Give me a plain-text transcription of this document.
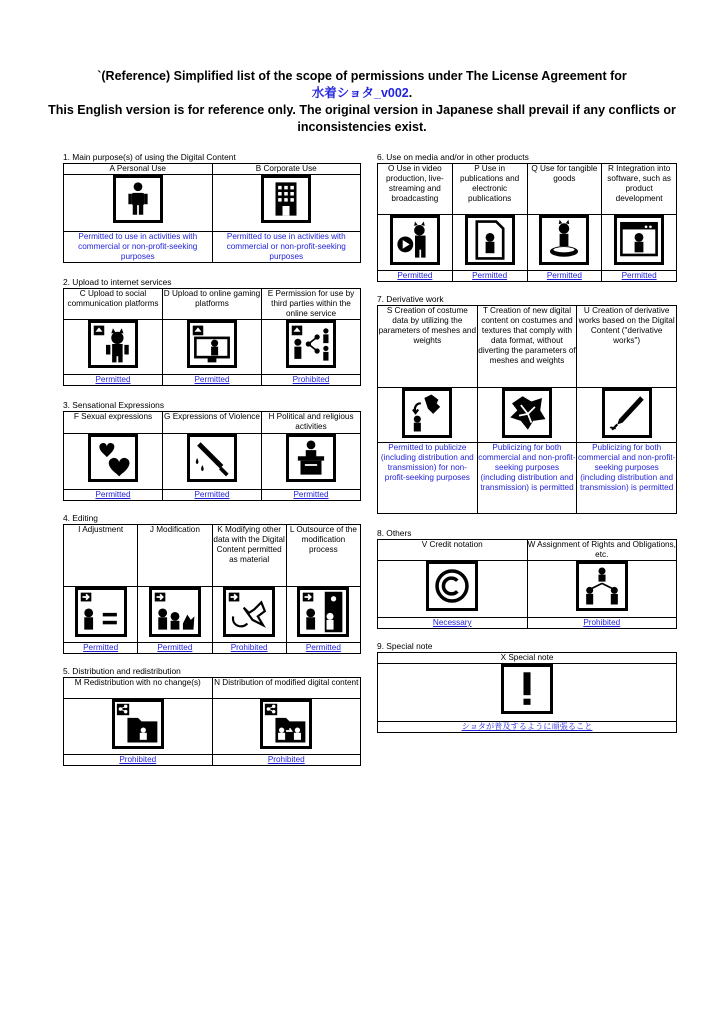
`(Reference) Simplified list of the scope of permissions under The License Agreement for
水着ショタ_v002.
This English version is for reference only. The original version in Japanese shall prevail if any conflicts or inconsistencies exist.
1. Main purpose(s) of using the Digital Content
A Personal Use	B Corporate Use

Permitted to use in activities with commercial or non-profit-seeking purposes	Permitted to use in activities with commercial or non-profit-seeking purposes
2. Upload to internet services
C Upload to social communication platforms	D Upload to online gaming platforms	E Permission for use by third parties within the online service

Permitted	Permitted	Prohibited
3. Sensational Expressions
F Sexual expressions	G Expressions of Violence	H Political and religious activities

Permitted	Permitted	Permitted
4. Editing
I Adjustment	J Modification	K Modifying other data with the Digital Content permitted as material	L Outsource of the modification process

Permitted	Permitted	Prohibited	Permitted
5. Distribution and redistribution
M Redistribution with no change(s)	N Distribution of modified digital content

Prohibited	Prohibited
6. Use on media and/or in other products
O Use in video production, live-streaming and broadcasting	P Use in publications and electronic publications	Q Use for tangible goods	R Integration into software, such as product development

Permitted	Permitted	Permitted	Permitted
7. Derivative work
S Creation of costume data by utilizing the parameters of meshes and weights	T Creation of new digital content on costumes and textures that comply with data format, without diverting the parameters of meshes and weights	U Creation of derivative works based on the Digital Content ("derivative works")

Permitted to publicize (including distribution and transmission) for non-profit-seeking purposes	Publicizing for both commercial and non-profit-seeking purposes (including distribution and transmission) is permitted	Publicizing for both commercial and non-profit-seeking purposes (including distribution and transmission) is permitted
8. Others
V Credit notation	W Assignment of Rights and Obligations, etc.

Necessary	Prohibited
9. Special note
X Special note

ショタが普及するように頑張ること
